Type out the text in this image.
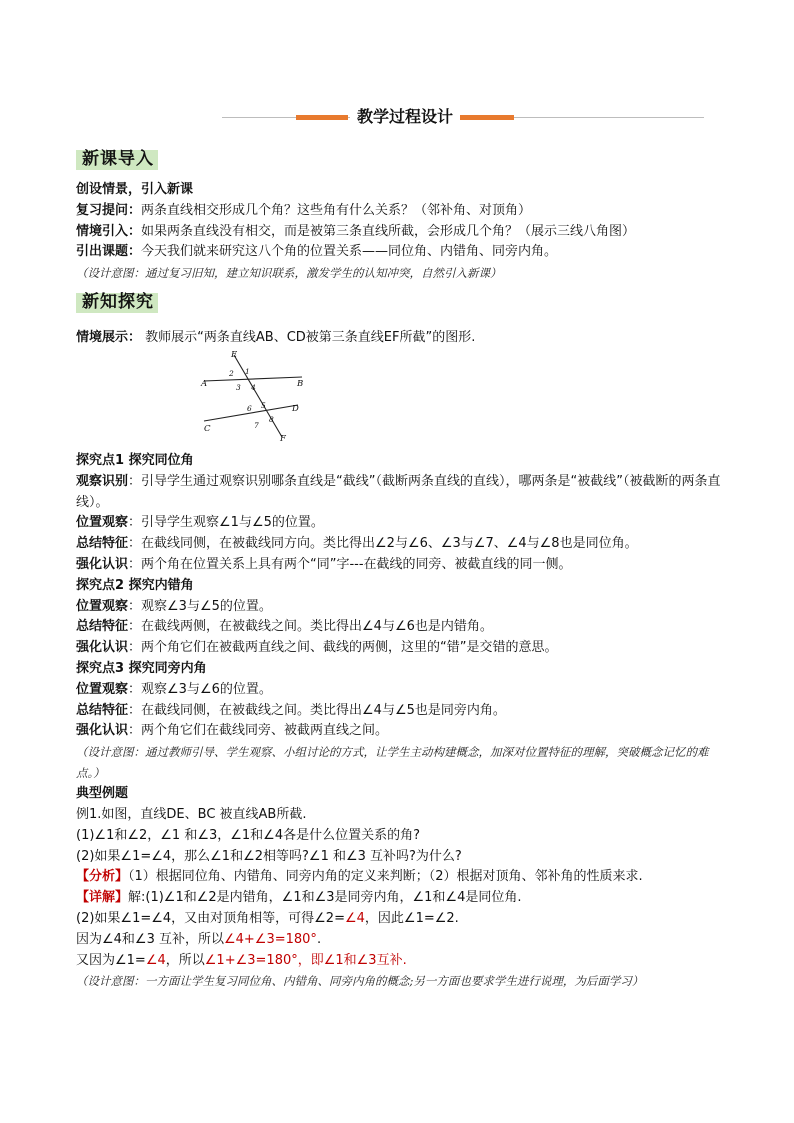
教学过程设计
新课导入
创设情景，引入新课
复习提问：两条直线相交形成几个角？这些角有什么关系？（邻补角、对顶角）
情境引入：如果两条直线没有相交，而是被第三条直线所截，会形成几个角？（展示三线八角图）
引出课题：今天我们就来研究这八个角的位置关系——同位角、内错角、同旁内角。
（设计意图：通过复习旧知，建立知识联系，激发学生的认知冲突，自然引入新课）
新知探究
情境展示： 教师展示“两条直线AB、CD被第三条直线EF所截”的图形.
E
A	B
C
D
F
1
2
3 4
5
6
7
8
探究点1 探究同位角
观察识别：引导学生通过观察识别哪条直线是“截线”（截断两条直线的直线），哪两条是“被截线”（被截断的两条直线）。
位置观察：引导学生观察∠1与∠5的位置。
总结特征：在截线同侧，在被截线同方向。类比得出∠2与∠6、∠3与∠7、∠4与∠8也是同位角。
强化认识：两个角在位置关系上具有两个“同”字---在截线的同旁、被截直线的同一侧。
探究点2 探究内错角
位置观察：观察∠3与∠5的位置。
总结特征：在截线两侧，在被截线之间。类比得出∠4与∠6也是内错角。
强化认识：两个角它们在被截两直线之间、截线的两侧，这里的“错”是交错的意思。
探究点3 探究同旁内角
位置观察：观察∠3与∠6的位置。
总结特征：在截线同侧，在被截线之间。类比得出∠4与∠5也是同旁内角。
强化认识：两个角它们在截线同旁、被截两直线之间。
（设计意图：通过教师引导、学生观察、小组讨论的方式，让学生主动构建概念，加深对位置特征的理解，突破概念记忆的难点。）
典型例题
例1.如图，直线DE、BC 被直线AB所截.
(1)∠1和∠2，∠1 和∠3，∠1和∠4各是什么位置关系的角?
(2)如果∠1=∠4，那么∠1和∠2相等吗?∠1 和∠3 互补吗?为什么?
【分析】（1）根据同位角、内错角、同旁内角的定义来判断；（2）根据对顶角、邻补角的性质来求.
【详解】解:(1)∠1和∠2是内错角，∠1和∠3是同旁内角，∠1和∠4是同位角.
(2)如果∠1=∠4，又由对顶角相等，可得∠2=∠4，因此∠1=∠2.
因为∠4和∠3 互补，所以∠4+∠3=180°.
又因为∠1=∠4，所以∠1+∠3=180°，即∠1和∠3互补.
（设计意图：一方面让学生复习同位角、内错角、同旁内角的概念;另一方面也要求学生进行说理，为后面学习）
